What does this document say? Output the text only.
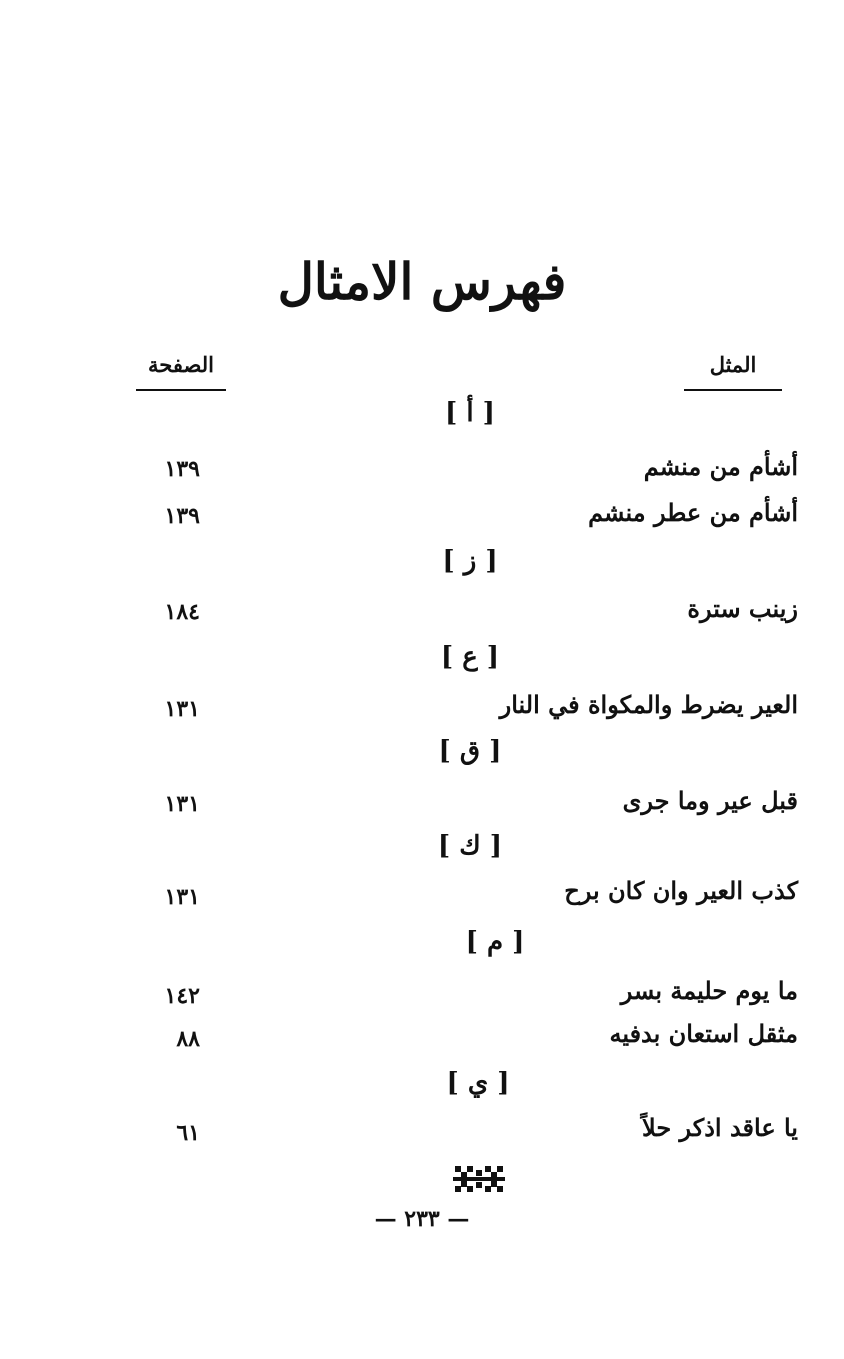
فهرس الامثال
المثل
الصفحة
[ أ ]
أشأم من منشم
١٣٩
أشأم من عطر منشم
١٣٩
[ ز ]
زينب سترة
١٨٤
[ ع ]
العير يضرط والمكواة في النار
١٣١
[ ق ]
قبل عير وما جرى
١٣١
[ ك ]
كذب العير وان كان برح
١٣١
[ م ]
ما يوم حليمة بسر
١٤٢
مثقل استعان بدفيه
٨٨
[ ي ]
يا عاقد اذكر حلاً
٦١
— ٢٣٣ —
